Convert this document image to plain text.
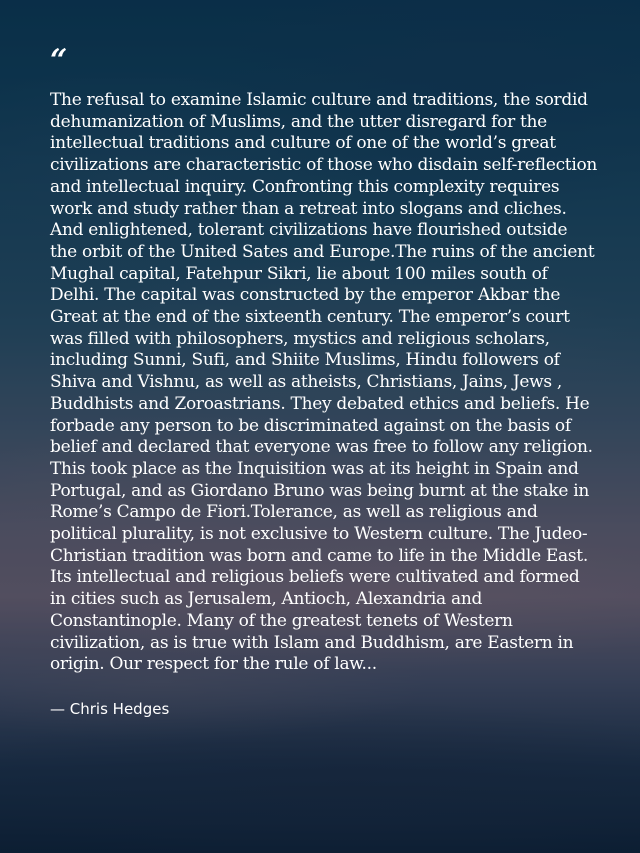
“

The refusal to examine Islamic culture and traditions, the sordid dehumanization of Muslims, and the utter disregard for the intellectual traditions and culture of one of the world’s great civilizations are characteristic of those who disdain self-reflection and intellectual inquiry. Confronting this complexity requires work and study rather than a retreat into slogans and cliches. And enlightened, tolerant civilizations have flourished outside the orbit of the United Sates and Europe.The ruins of the ancient Mughal capital, Fatehpur Sikri, lie about 100 miles south of Delhi. The capital was constructed by the emperor Akbar the Great at the end of the sixteenth century. The emperor’s court was filled with philosophers, mystics and religious scholars, including Sunni, Sufi, and Shiite Muslims, Hindu followers of Shiva and Vishnu, as well as atheists, Christians, Jains, Jews , Buddhists and Zoroastrians. They debated ethics and beliefs. He forbade any person to be discriminated against on the basis of belief and declared that everyone was free to follow any religion. This took place as the Inquisition was at its height in Spain and Portugal, and as Giordano Bruno was being burnt at the stake in Rome’s Campo de Fiori.Tolerance, as well as religious and political plurality, is not exclusive to Western culture. The Judeo-Christian tradition was born and came to life in the Middle East. Its intellectual and religious beliefs were cultivated and formed in cities such as Jerusalem, Antioch, Alexandria and Constantinople. Many of the greatest tenets of Western civilization, as is true with Islam and Buddhism, are Eastern in origin. Our respect for the rule of law...

— Chris Hedges
